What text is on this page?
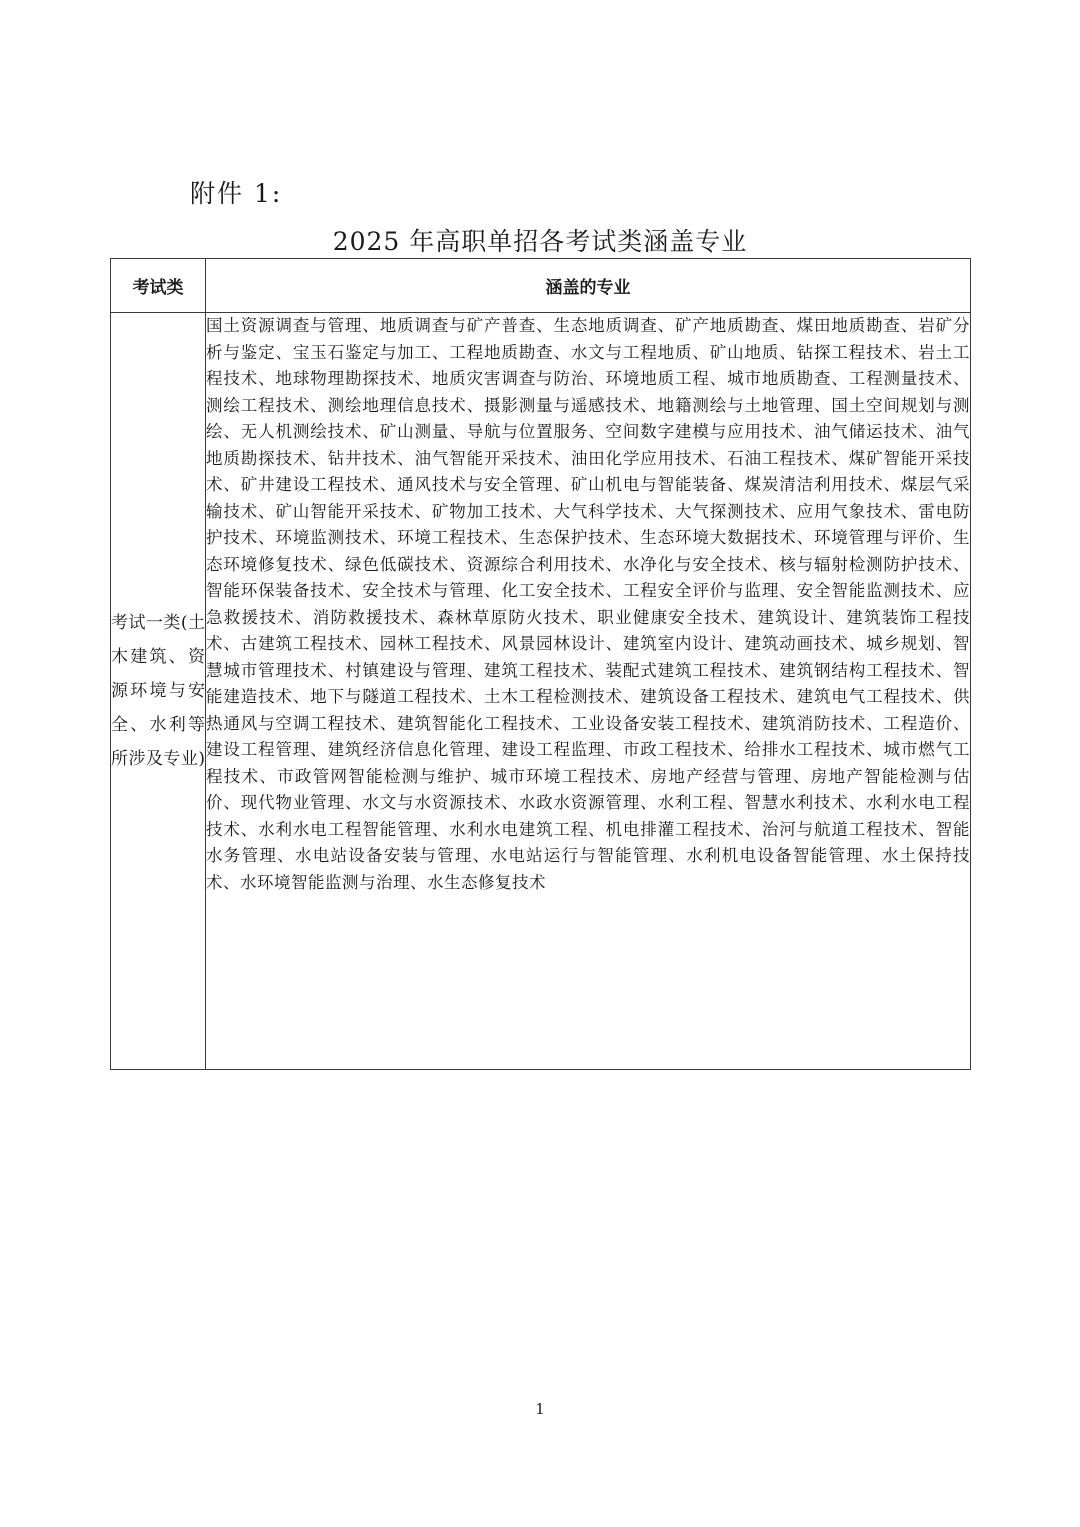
附件 1:
2025 年高职单招各考试类涵盖专业
考试类	涵盖的专业
考试一类(土木建筑、资源环境与安全、水利等所涉及专业)	国土资源调查与管理、地质调查与矿产普查、生态地质调查、矿产地质勘查、煤田地质勘查、岩矿分析与鉴定、宝玉石鉴定与加工、工程地质勘查、水文与工程地质、矿山地质、钻探工程技术、岩土工程技术、地球物理勘探技术、地质灾害调查与防治、环境地质工程、城市地质勘查、工程测量技术、测绘工程技术、测绘地理信息技术、摄影测量与遥感技术、地籍测绘与土地管理、国土空间规划与测绘、无人机测绘技术、矿山测量、导航与位置服务、空间数字建模与应用技术、油气储运技术、油气地质勘探技术、钻井技术、油气智能开采技术、油田化学应用技术、石油工程技术、煤矿智能开采技术、矿井建设工程技术、通风技术与安全管理、矿山机电与智能装备、煤炭清洁利用技术、煤层气采输技术、矿山智能开采技术、矿物加工技术、大气科学技术、大气探测技术、应用气象技术、雷电防护技术、环境监测技术、环境工程技术、生态保护技术、生态环境大数据技术、环境管理与评价、生态环境修复技术、绿色低碳技术、资源综合利用技术、水净化与安全技术、核与辐射检测防护技术、智能环保装备技术、安全技术与管理、化工安全技术、工程安全评价与监理、安全智能监测技术、应急救援技术、消防救援技术、森林草原防火技术、职业健康安全技术、建筑设计、建筑装饰工程技术、古建筑工程技术、园林工程技术、风景园林设计、建筑室内设计、建筑动画技术、城乡规划、智慧城市管理技术、村镇建设与管理、建筑工程技术、装配式建筑工程技术、建筑钢结构工程技术、智能建造技术、地下与隧道工程技术、土木工程检测技术、建筑设备工程技术、建筑电气工程技术、供热通风与空调工程技术、建筑智能化工程技术、工业设备安装工程技术、建筑消防技术、工程造价、建设工程管理、建筑经济信息化管理、建设工程监理、市政工程技术、给排水工程技术、城市燃气工程技术、市政管网智能检测与维护、城市环境工程技术、房地产经营与管理、房地产智能检测与估价、现代物业管理、水文与水资源技术、水政水资源管理、水利工程、智慧水利技术、水利水电工程技术、水利水电工程智能管理、水利水电建筑工程、机电排灌工程技术、治河与航道工程技术、智能水务管理、水电站设备安装与管理、水电站运行与智能管理、水利机电设备智能管理、水土保持技术、水环境智能监测与治理、水生态修复技术
1
